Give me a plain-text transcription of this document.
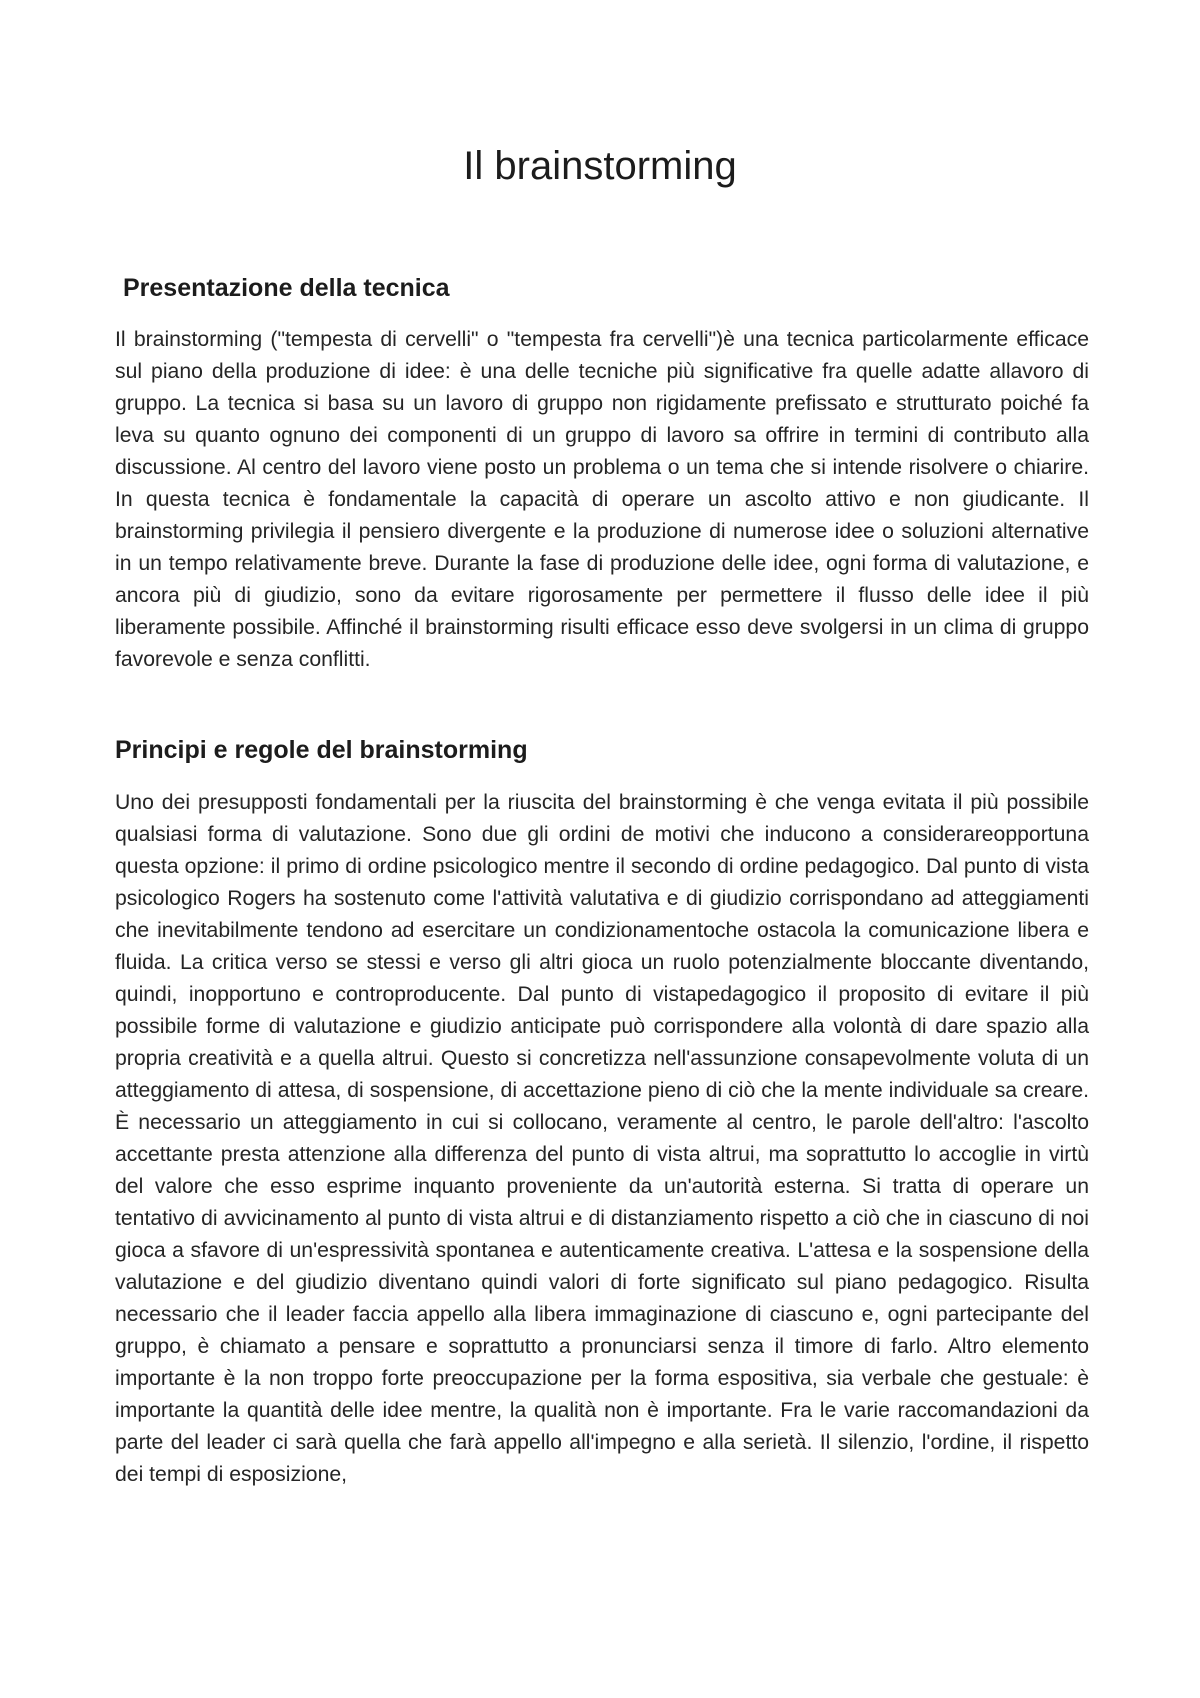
Il brainstorming
Presentazione della tecnica

Il brainstorming ("tempesta di cervelli" o "tempesta fra cervelli")è una tecnica particolarmente efficace sul piano della produzione di idee: è una delle tecniche più significative fra quelle adatte allavoro di gruppo. La tecnica si basa su un lavoro di gruppo non rigidamente prefissato e strutturato poiché fa leva su quanto ognuno dei componenti di un gruppo di lavoro sa offrire in termini di contributo alla discussione. Al centro del lavoro viene posto un problema o un tema che si intende risolvere o chiarire. In questa tecnica è fondamentale la capacità di operare un ascolto attivo e non giudicante. Il brainstorming privilegia il pensiero divergente e la produzione di numerose idee o soluzioni alternative in un tempo relativamente breve. Durante la fase di produzione delle idee, ogni forma di valutazione, e ancora più di giudizio, sono da evitare rigorosamente per permettere il flusso delle idee il più liberamente possibile. Affinché il brainstorming risulti efficace esso deve svolgersi in un clima di gruppo favorevole e senza conflitti.

Principi e regole del brainstorming

Uno dei presupposti fondamentali per la riuscita del brainstorming è che venga evitata il più possibile qualsiasi forma di valutazione. Sono due gli ordini de motivi che inducono a considerareopportuna questa opzione: il primo di ordine psicologico mentre il secondo di ordine pedagogico. Dal punto di vista psicologico Rogers ha sostenuto come l'attività valutativa e di giudizio corrispondano ad atteggiamenti che inevitabilmente tendono ad esercitare un condizionamentoche ostacola la comunicazione libera e fluida. La critica verso se stessi e verso gli altri gioca un ruolo potenzialmente bloccante diventando, quindi, inopportuno e controproducente. Dal punto di vistapedagogico il proposito di evitare il più possibile forme di valutazione e giudizio anticipate può corrispondere alla volontà di dare spazio alla propria creatività e a quella altrui. Questo si concretizza nell'assunzione consapevolmente voluta di un atteggiamento di attesa, di sospensione, di accettazione pieno di ciò che la mente individuale sa creare. È necessario un atteggiamento in cui si collocano, veramente al centro, le parole dell'altro: l'ascolto accettante presta attenzione alla differenza del punto di vista altrui, ma soprattutto lo accoglie in virtù del valore che esso esprime inquanto proveniente da un'autorità esterna. Si tratta di operare un tentativo di avvicinamento al punto di vista altrui e di distanziamento rispetto a ciò che in ciascuno di noi gioca a sfavore di un'espressività spontanea e autenticamente creativa. L'attesa e la sospensione della valutazione e del giudizio diventano quindi valori di forte significato sul piano pedagogico. Risulta necessario che il leader faccia appello alla libera immaginazione di ciascuno e, ogni partecipante del gruppo, è chiamato a pensare e soprattutto a pronunciarsi senza il timore di farlo. Altro elemento importante è la non troppo forte preoccupazione per la forma espositiva, sia verbale che gestuale: è importante la quantità delle idee mentre, la qualità non è importante. Fra le varie raccomandazioni da parte del leader ci sarà quella che farà appello all'impegno e alla serietà. Il silenzio, l'ordine, il rispetto dei tempi di esposizione,
